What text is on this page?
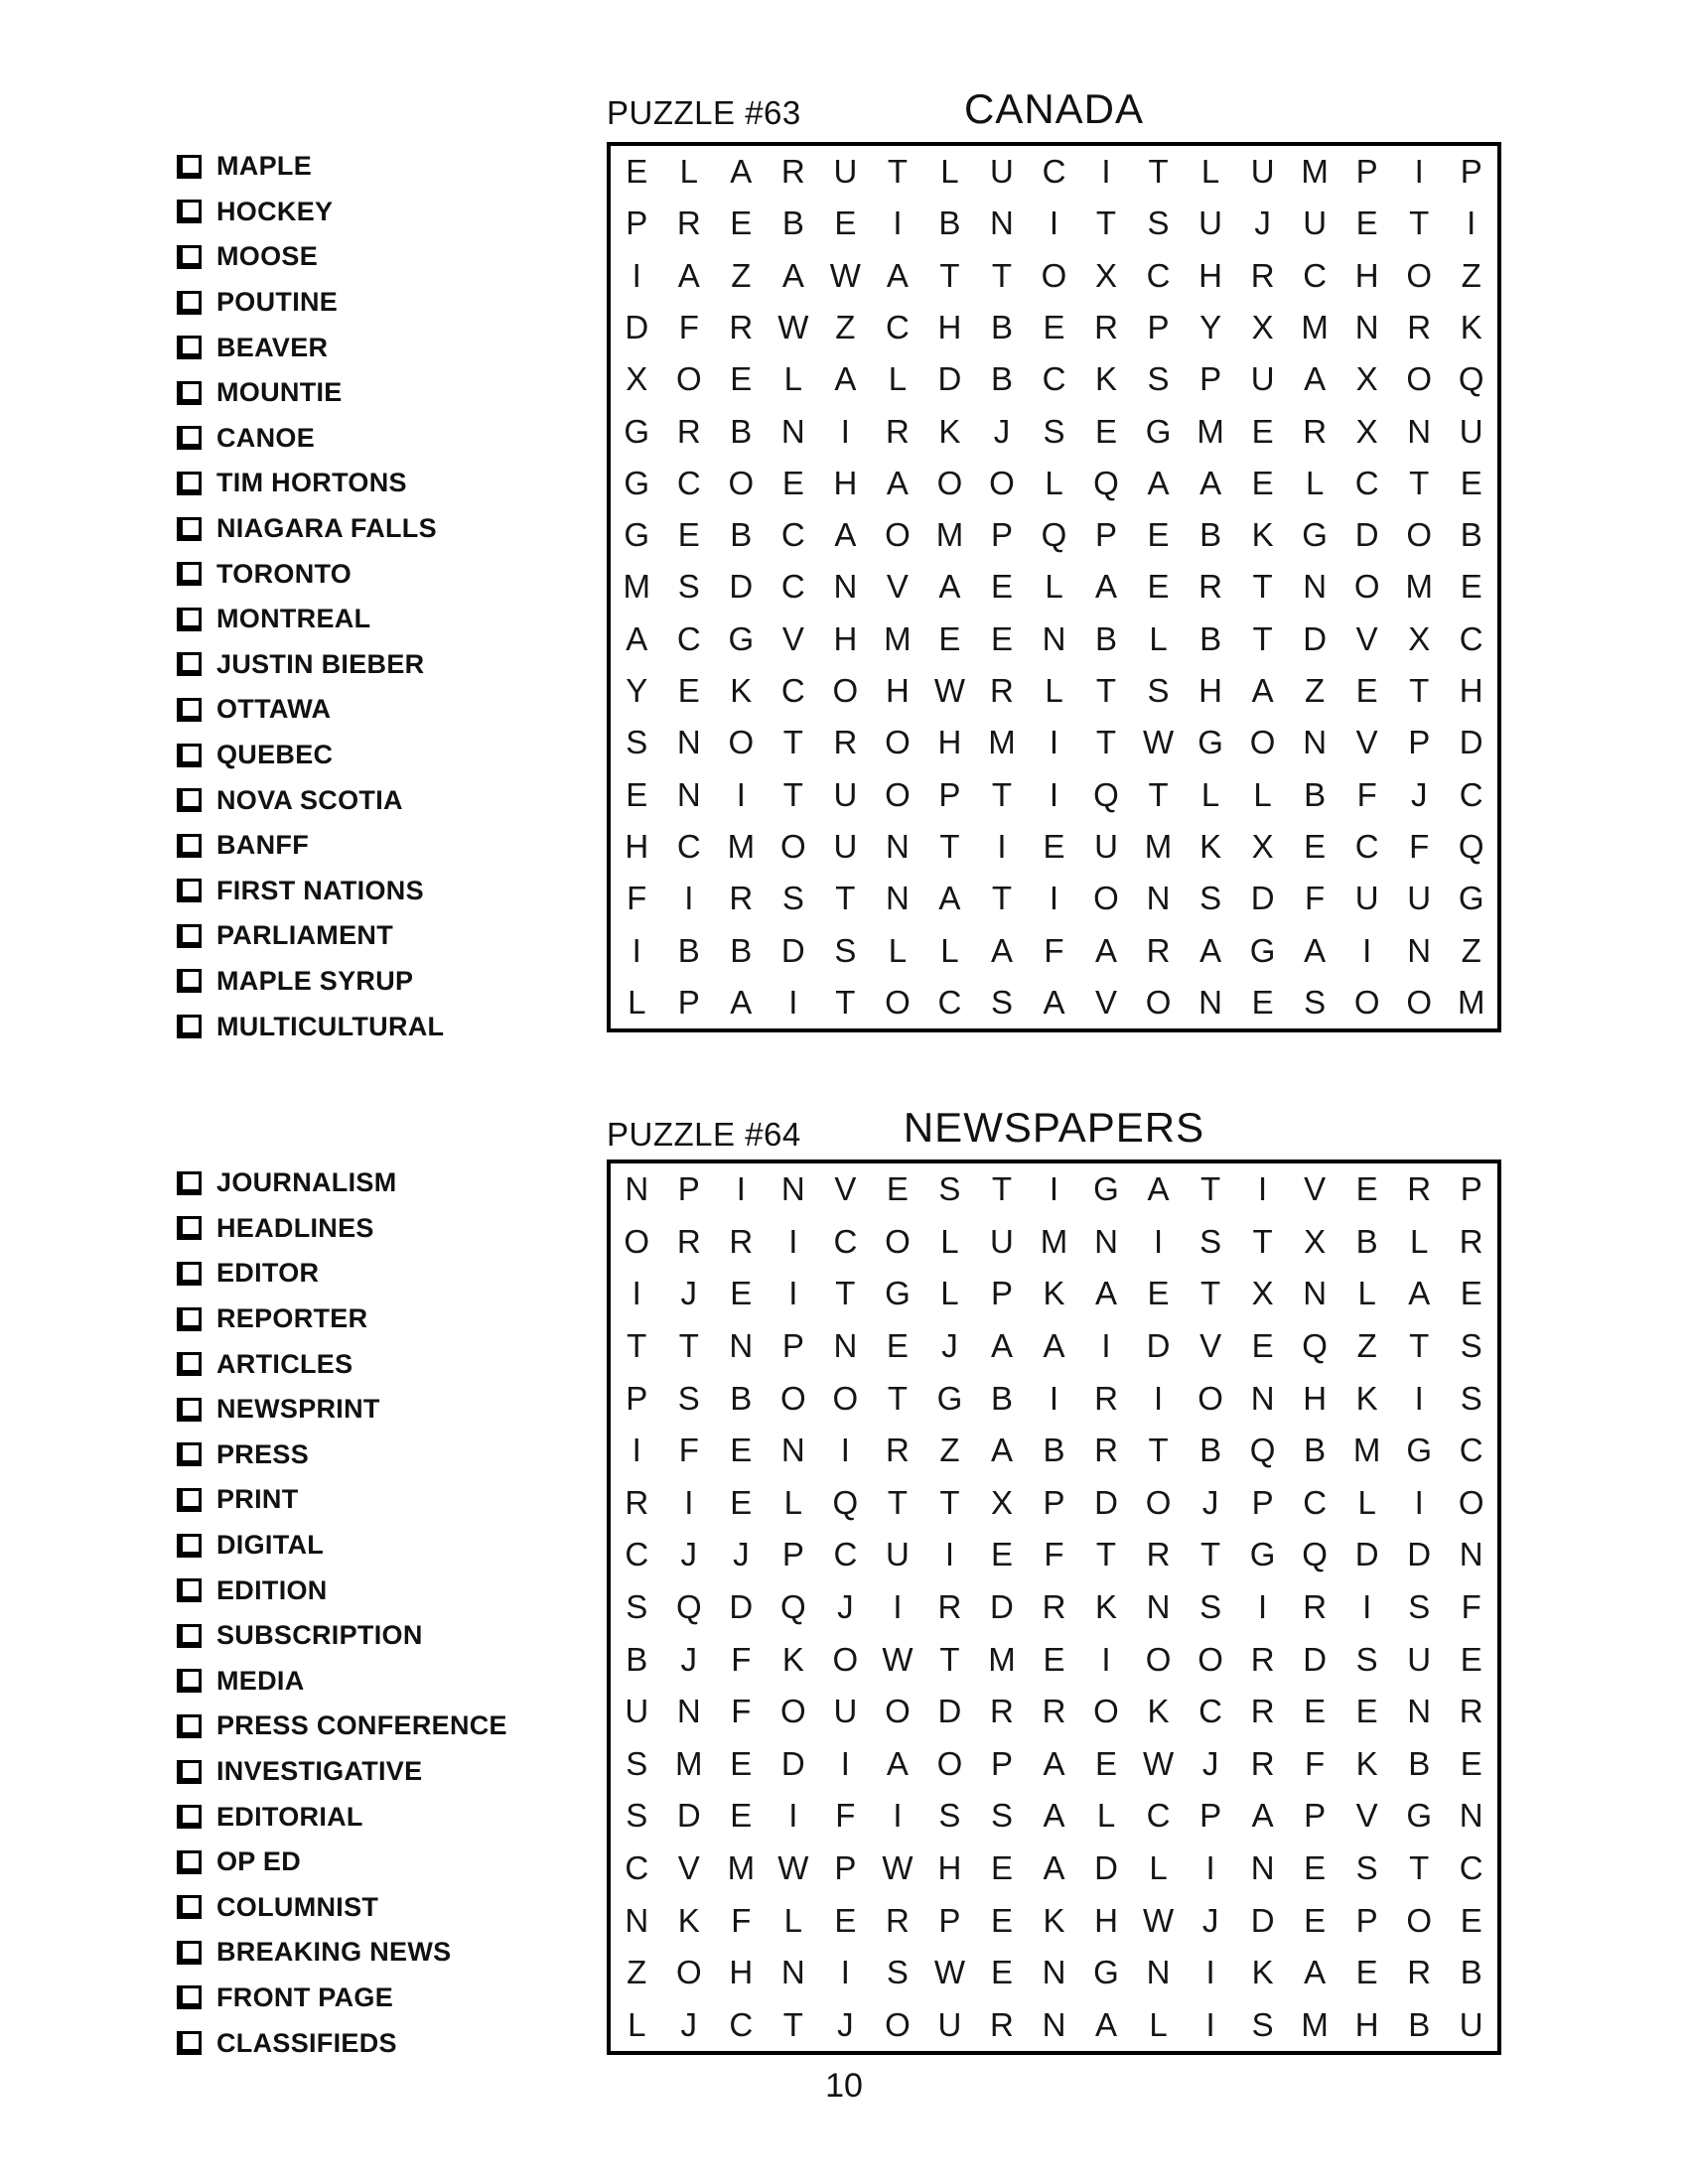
PUZZLE #63	CANADA
MAPLE
HOCKEY
MOOSE
POUTINE
BEAVER
MOUNTIE
CANOE
TIM HORTONS
NIAGARA FALLS
TORONTO
MONTREAL
JUSTIN BIEBER
OTTAWA
QUEBEC
NOVA SCOTIA
BANFF
FIRST NATIONS
PARLIAMENT
MAPLE SYRUP
MULTICULTURAL
E L A R U T	L U C	I	T	L U M P	I	P
P R E B E	I	B N	I	T S U J U E T	I
I	A Z A W A T T O X C H R C H O Z
D F R W Z C H B E R P Y X M N R K
X O E L A L D B C K S P U A X O Q
G R B N	I	R K	J	S E G M E R X N U
G C O E H A O O L Q A A E L C T E
G E B C A O M P Q P E B K G D O B
M S D C N V A E L A E R T N O M E
A C G V H M E E N B L B T D V X C
Y E K C O H W R L	T S H A Z E T H
S N O T R O H M	I	T W G O N V P D
E N	I	T U O P T	I	Q T	L	L B F	J C
H C M O U N T	I	E U M K X E C F Q
F	I	R S T N A T	I	O N S D F U U G
I	B B D S L	L A F A R A G A	I	N Z
L P A	I	T O C S A V O N E S O O M
PUZZLE #64	NEWSPAPERS
JOURNALISM
HEADLINES
EDITOR
REPORTER
ARTICLES
NEWSPRINT
PRESS
PRINT
DIGITAL
EDITION
SUBSCRIPTION
MEDIA
PRESS CONFERENCE
INVESTIGATIVE
EDITORIAL
OP ED
COLUMNIST
BREAKING NEWS
FRONT PAGE
CLASSIFIEDS
N P	I	N V E S T	I	G A T	I	V E R P
O R R	I	C O L U M N	I	S T X B L R
I	J	E	I	T G L P K A E T X N L A E
T T N P N E	J	A A	I	D V E Q Z T S
P S B O O T G B	I	R	I	O N H K	I	S
I	F E N	I	R Z A B R T B Q B M G C
R	I	E L Q T T X P D O J	P C L	I	O
C J	J	P C U	I	E F T R T G Q D D N
S Q D Q J	I	R D R K N S	I	R	I	S F
B	J	F K O W T M E	I	O O R D S U E
U N F O U O D R R O K C R E E N R
S M E D	I	A O P A E W J R F K B E
S D E	I	F	I	S S A L C P A P V G N
C V M W P W H E A D L	I	N E S T C
N K F	L E R P E K H W J D E P O E
Z O H N	I	S W E N G N	I	K A E R B
L	J C T	J O U R N A L	I	S M H B U
10
